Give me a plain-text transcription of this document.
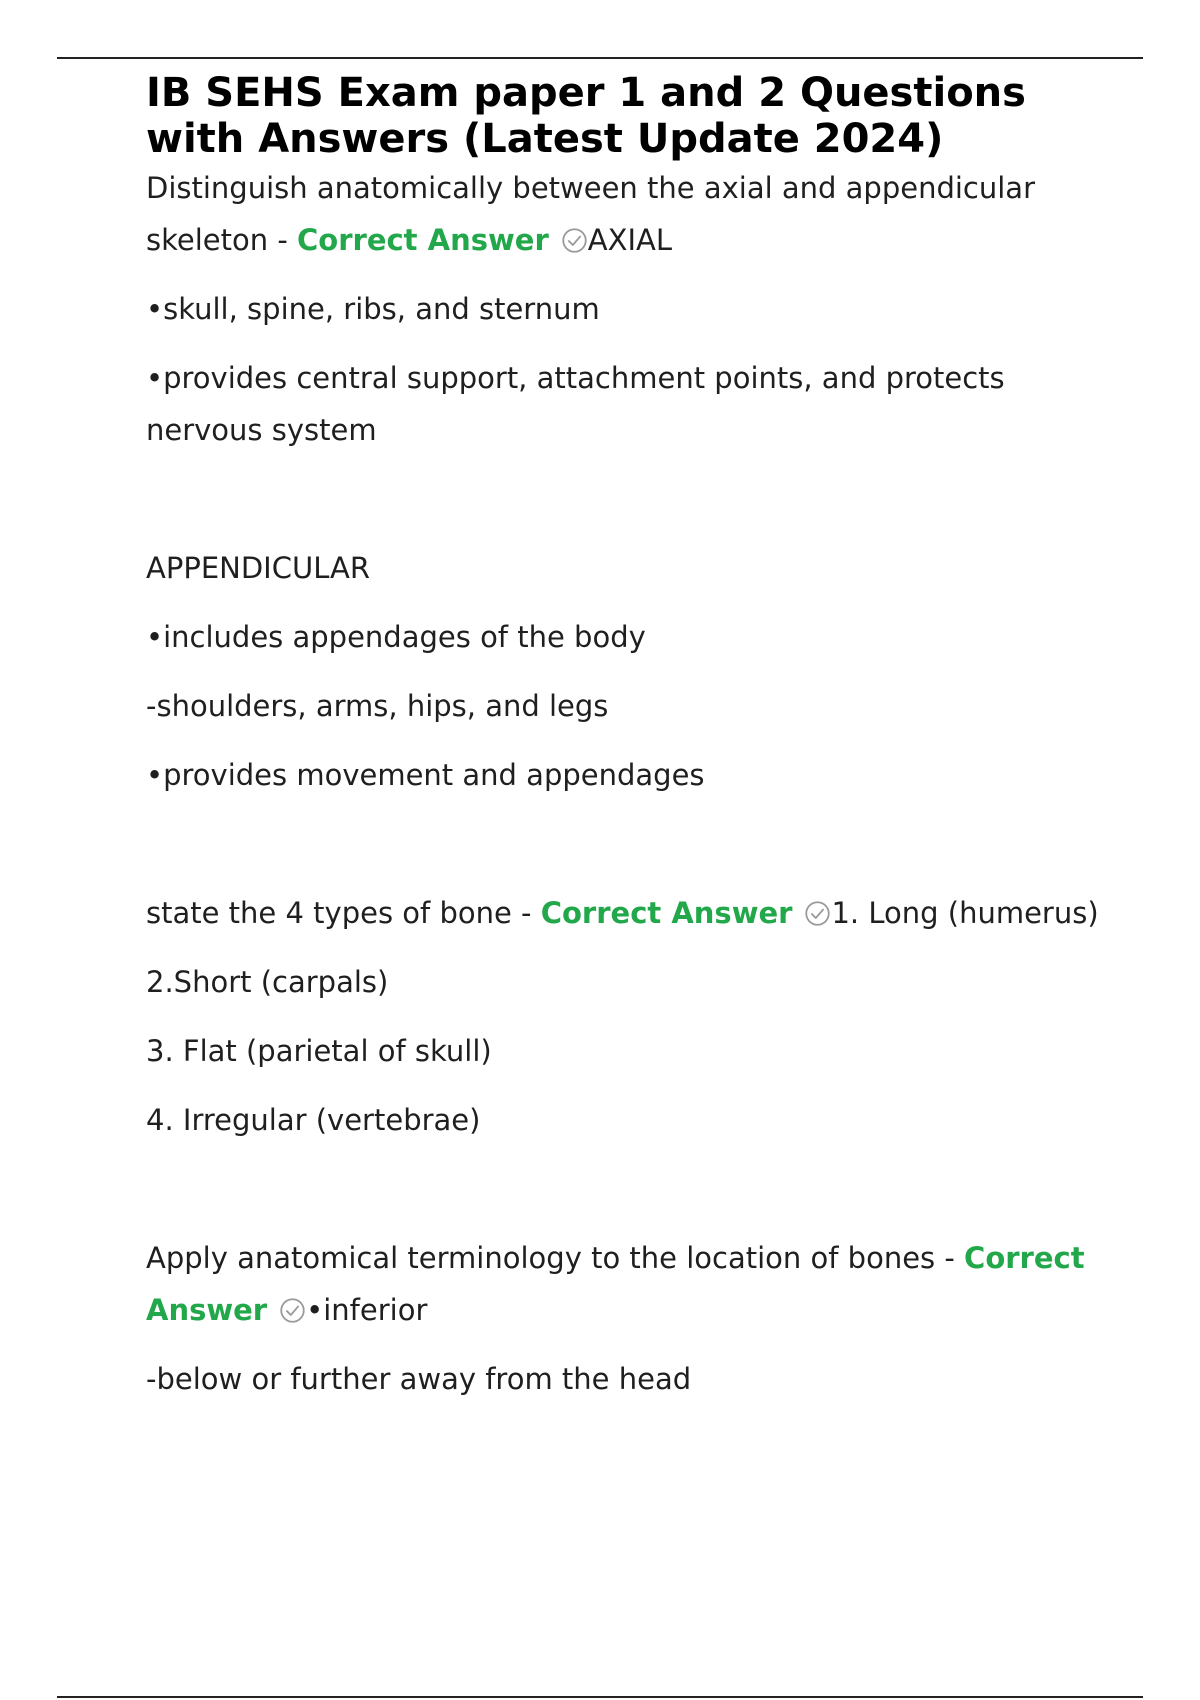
IB SEHS Exam paper 1 and 2 Questions with Answers (Latest Update 2024)

Distinguish anatomically between the axial and appendicular skeleton - Correct Answer AXIAL

•skull, spine, ribs, and sternum

•provides central support, attachment points, and protects nervous system

APPENDICULAR

•includes appendages of the body

-shoulders, arms, hips, and legs

•provides movement and appendages

state the 4 types of bone - Correct Answer 1. Long (humerus)

2.Short (carpals)

3. Flat (parietal of skull)

4. Irregular (vertebrae)

Apply anatomical terminology to the location of bones - Correct Answer •inferior

-below or further away from the head
